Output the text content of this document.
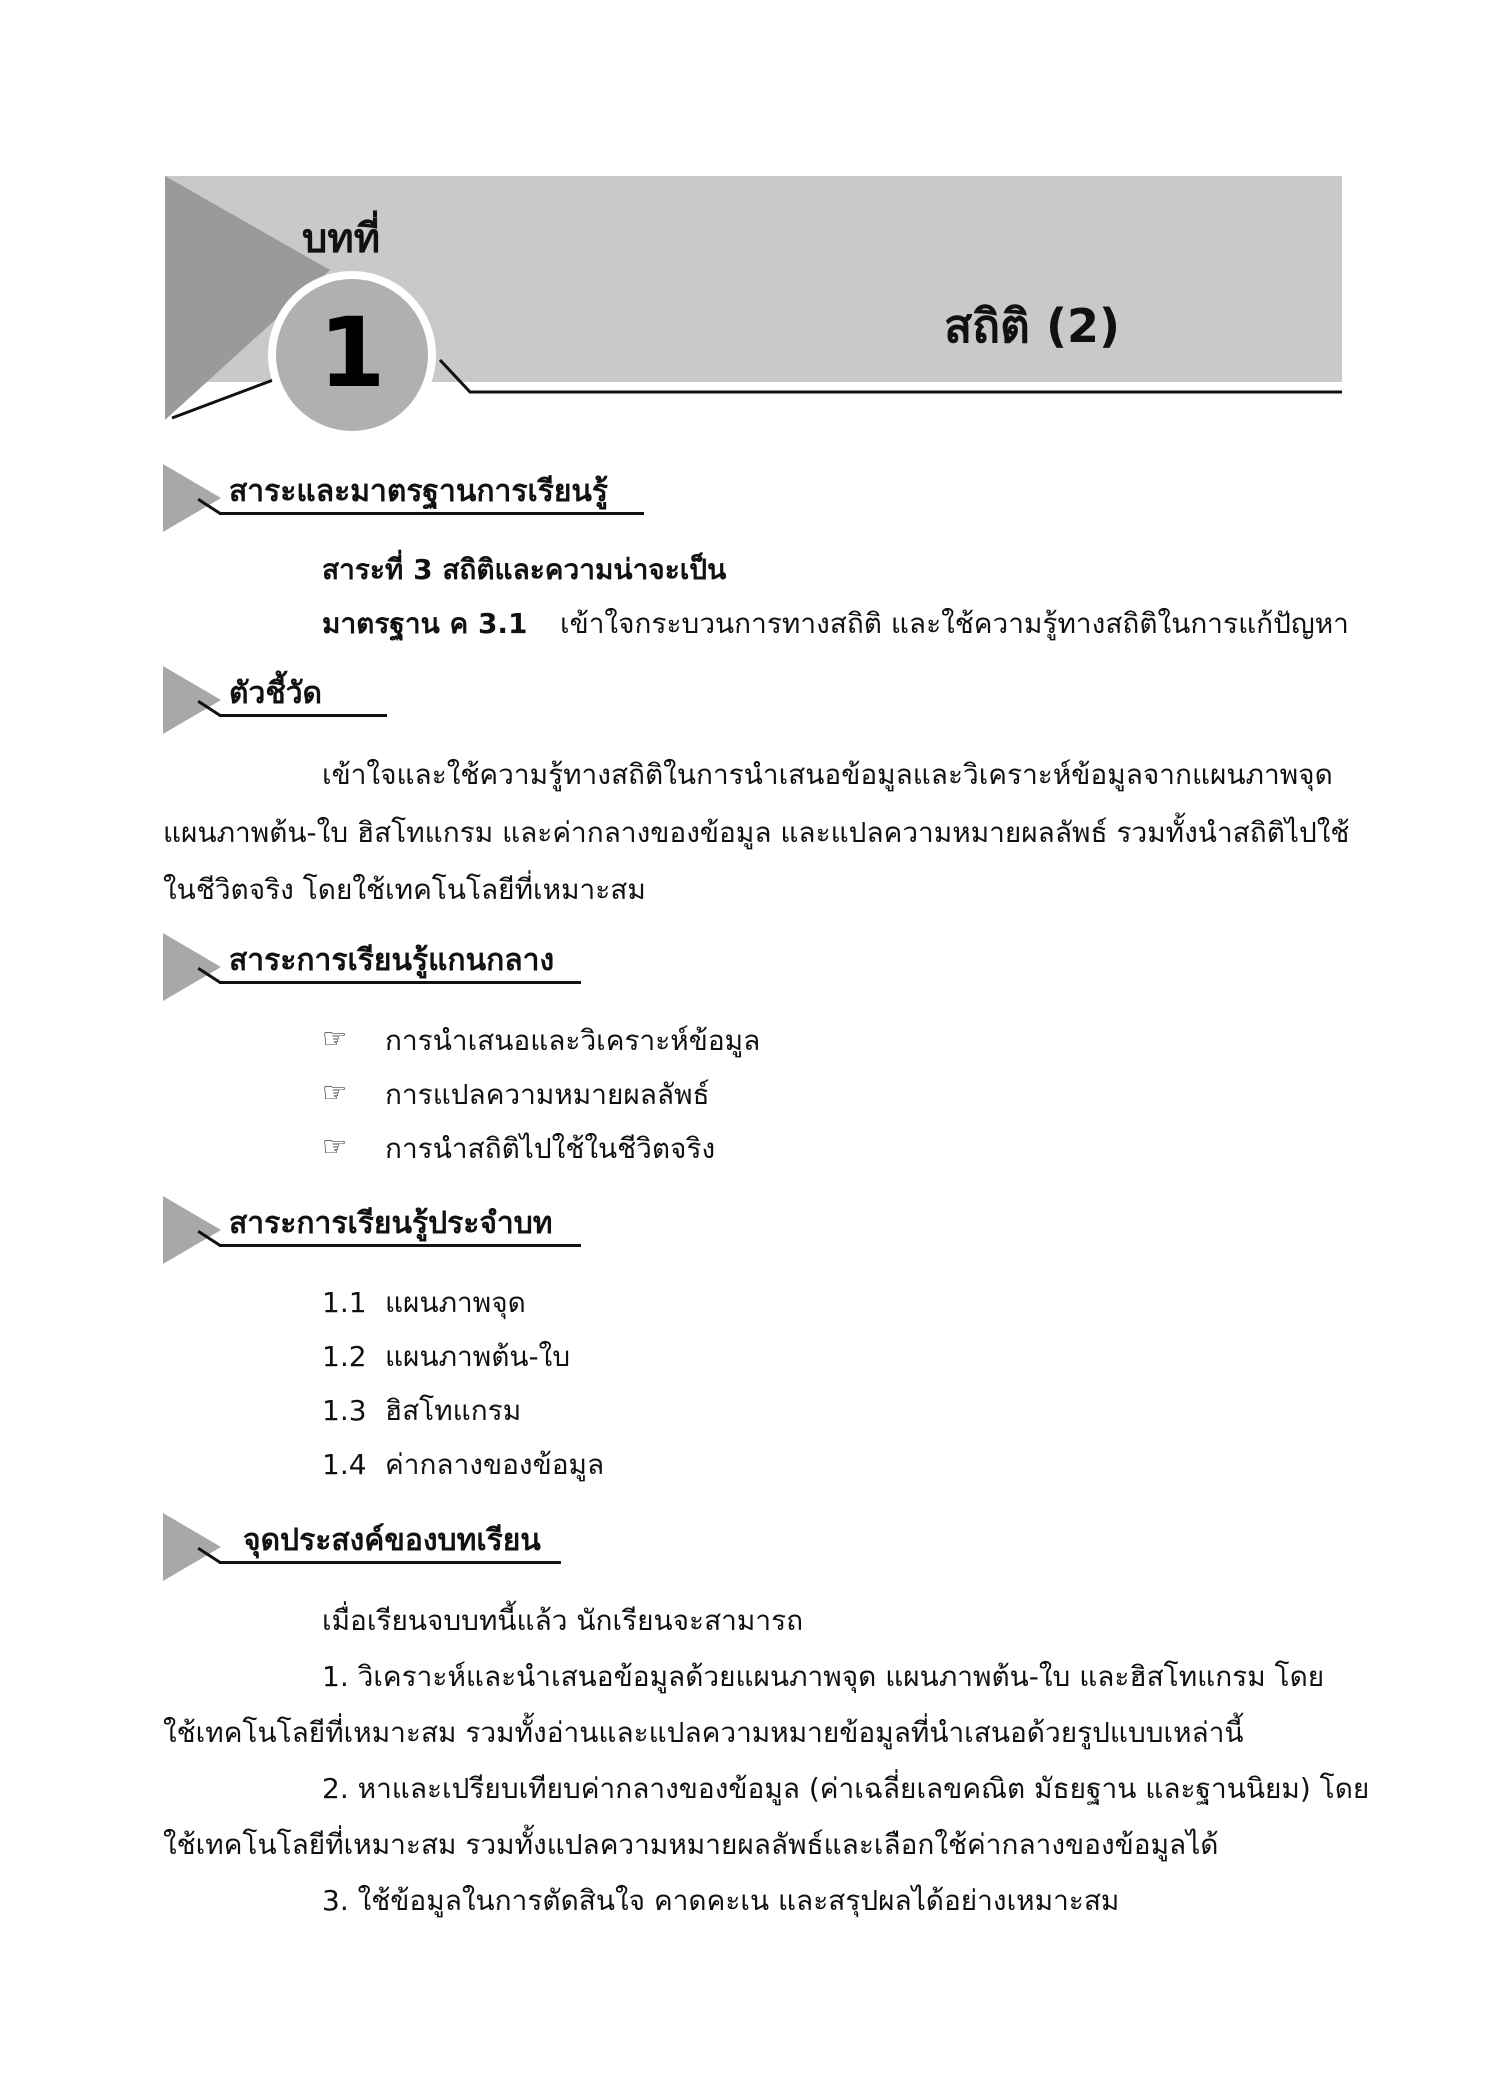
บทที่
1	สถิติ (2)
สาระและมาตรฐานการเรียนรู้
สาระที่ 3 สถิติและความน่าจะเป็น
มาตรฐาน ค 3.1 เข้าใจกระบวนการทางสถิติ และใช้ความรู้ทางสถิติในการแก้ปัญหา
ตัวชี้วัด
เข้าใจและใช้ความรู้ทางสถิติในการนำเสนอข้อมูลและวิเคราะห์ข้อมูลจากแผนภาพจุด
แผนภาพต้น-ใบ ฮิสโทแกรม และค่ากลางของข้อมูล และแปลความหมายผลลัพธ์ รวมทั้งนำสถิติไปใช้
ในชีวิตจริง โดยใช้เทคโนโลยีที่เหมาะสม
สาระการเรียนรู้แกนกลาง
☞ การนำเสนอและวิเคราะห์ข้อมูล
☞ การแปลความหมายผลลัพธ์
☞ การนำสถิติไปใช้ในชีวิตจริง
สาระการเรียนรู้ประจำบท
1.1 แผนภาพจุด
1.2 แผนภาพต้น-ใบ
1.3 ฮิสโทแกรม
1.4 ค่ากลางของข้อมูล
จุดประสงค์ของบทเรียน
เมื่อเรียนจบบทนี้แล้ว นักเรียนจะสามารถ
1. วิเคราะห์และนำเสนอข้อมูลด้วยแผนภาพจุด แผนภาพต้น-ใบ และฮิสโทแกรม โดย
ใช้เทคโนโลยีที่เหมาะสม รวมทั้งอ่านและแปลความหมายข้อมูลที่นำเสนอด้วยรูปแบบเหล่านี้
2. หาและเปรียบเทียบค่ากลางของข้อมูล (ค่าเฉลี่ยเลขคณิต มัธยฐาน และฐานนิยม) โดย
ใช้เทคโนโลยีที่เหมาะสม รวมทั้งแปลความหมายผลลัพธ์และเลือกใช้ค่ากลางของข้อมูลได้
3. ใช้ข้อมูลในการตัดสินใจ คาดคะเน และสรุปผลได้อย่างเหมาะสม
